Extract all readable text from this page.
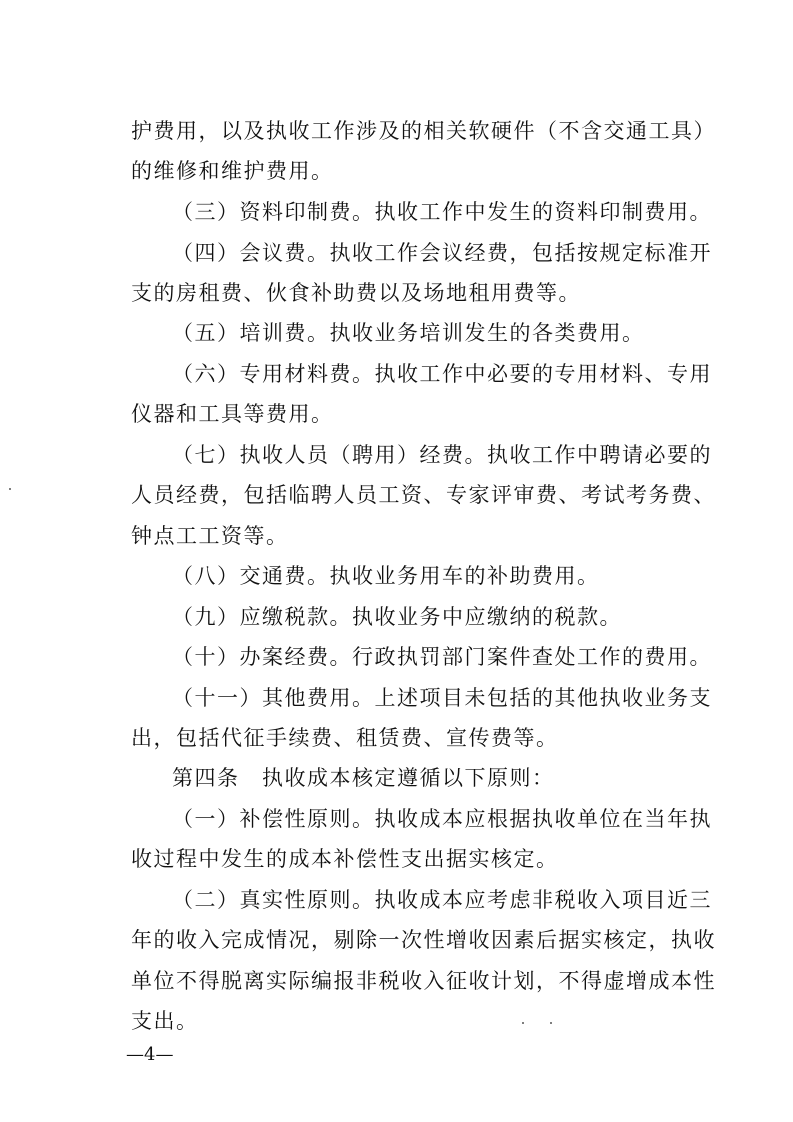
护费用，以及执收工作涉及的相关软硬件（不含交通工具）
的维修和维护费用。
（三）资料印制费。执收工作中发生的资料印制费用。
（四）会议费。执收工作会议经费，包括按规定标准开
支的房租费、伙食补助费以及场地租用费等。
（五）培训费。执收业务培训发生的各类费用。
（六）专用材料费。执收工作中必要的专用材料、专用
仪器和工具等费用。
（七）执收人员（聘用）经费。执收工作中聘请必要的
人员经费，包括临聘人员工资、专家评审费、考试考务费、
钟点工工资等。
（八）交通费。执收业务用车的补助费用。
（九）应缴税款。执收业务中应缴纳的税款。
（十）办案经费。行政执罚部门案件查处工作的费用。
（十一）其他费用。上述项目未包括的其他执收业务支
出，包括代征手续费、租赁费、宣传费等。
第四条　执收成本核定遵循以下原则：
（一）补偿性原则。执收成本应根据执收单位在当年执
收过程中发生的成本补偿性支出据实核定。
（二）真实性原则。执收成本应考虑非税收入项目近三
年的收入完成情况，剔除一次性增收因素后据实核定，执收
单位不得脱离实际编报非税收入征收计划，不得虚增成本性
支出。
—4—
